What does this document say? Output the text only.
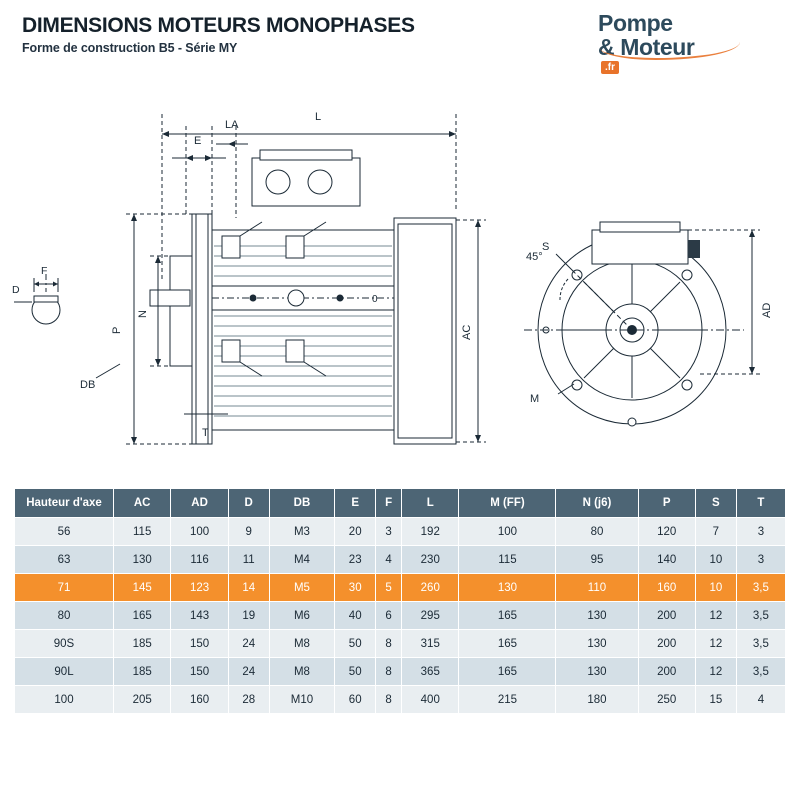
DIMENSIONS MOTEURS MONOPHASES
Forme de construction B5 - Série MY
Pompe
& Moteur
.fr
F
D
0
L
E
LA
P
N
DB
T
AC
AD
S
M
45°
Hauteur d'axe	AC	AD	D	DB	E	F	L	M (FF)	N (j6)	P	S	T
56	115	100	9	M3	20	3	192	100	80	120	7	3
63	130	116	11	M4	23	4	230	115	95	140	10	3
71	145	123	14	M5	30	5	260	130	110	160	10	3,5
80	165	143	19	M6	40	6	295	165	130	200	12	3,5
90S	185	150	24	M8	50	8	315	165	130	200	12	3,5
90L	185	150	24	M8	50	8	365	165	130	200	12	3,5
100	205	160	28	M10	60	8	400	215	180	250	15	4
